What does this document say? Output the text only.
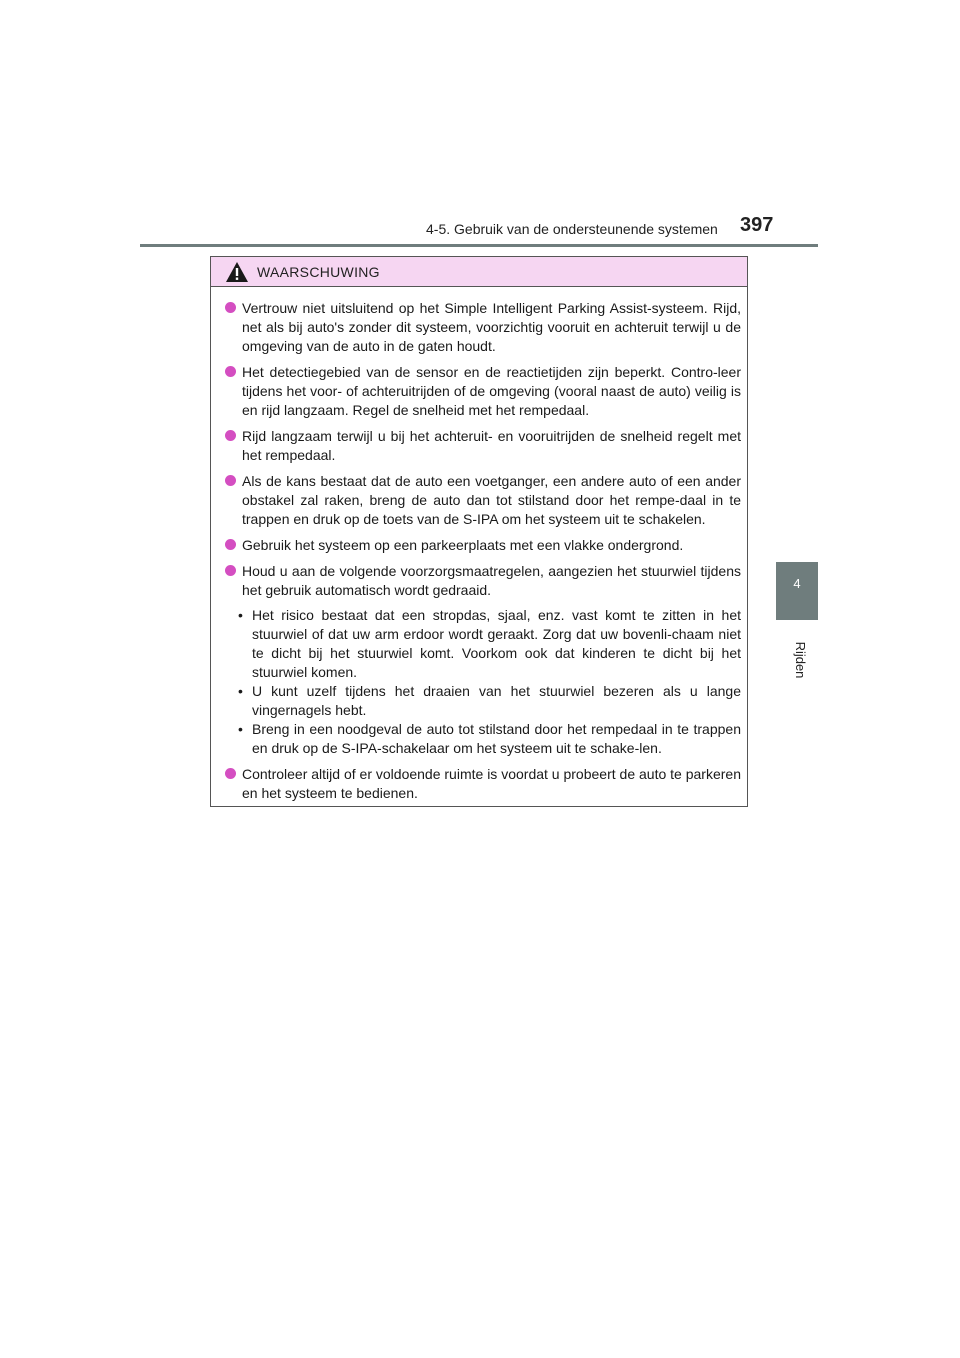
4-5. Gebruik van de ondersteunende systemen 397
4
Rijden
WAARSCHUWING
Vertrouw niet uitsluitend op het Simple Intelligent Parking Assist-systeem. Rijd, net als bij auto's zonder dit systeem, voorzichtig vooruit en achteruit terwijl u de omgeving van de auto in de gaten houdt.
Het detectiegebied van de sensor en de reactietijden zijn beperkt. Contro-leer tijdens het voor- of achteruitrijden of de omgeving (vooral naast de auto) veilig is en rijd langzaam. Regel de snelheid met het rempedaal.
Rijd langzaam terwijl u bij het achteruit- en vooruitrijden de snelheid regelt met het rempedaal.
Als de kans bestaat dat de auto een voetganger, een andere auto of een ander obstakel zal raken, breng de auto dan tot stilstand door het rempe-daal in te trappen en druk op de toets van de S-IPA om het systeem uit te schakelen.
Gebruik het systeem op een parkeerplaats met een vlakke ondergrond.
Houd u aan de volgende voorzorgsmaatregelen, aangezien het stuurwiel tijdens het gebruik automatisch wordt gedraaid.
• Het risico bestaat dat een stropdas, sjaal, enz. vast komt te zitten in het stuurwiel of dat uw arm erdoor wordt geraakt. Zorg dat uw bovenli-chaam niet te dicht bij het stuurwiel komt. Voorkom ook dat kinderen te dicht bij het stuurwiel komen.
• U kunt uzelf tijdens het draaien van het stuurwiel bezeren als u lange vingernagels hebt.
• Breng in een noodgeval de auto tot stilstand door het rempedaal in te trappen en druk op de S-IPA-schakelaar om het systeem uit te schake-len.
Controleer altijd of er voldoende ruimte is voordat u probeert de auto te parkeren en het systeem te bedienen.
